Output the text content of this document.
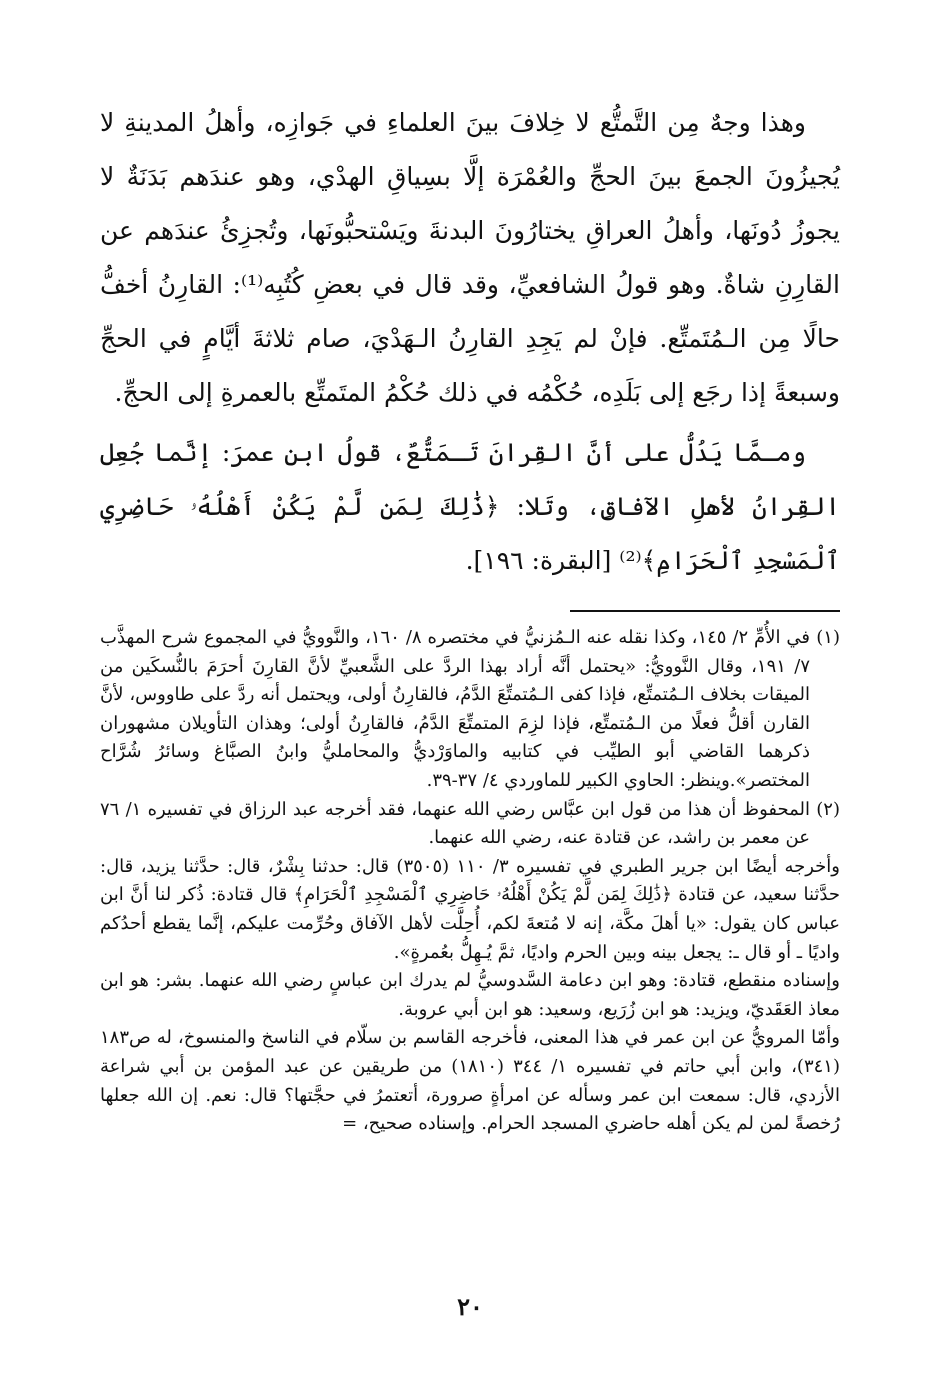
وهذا وجهٌ مِن التَّمتُّع لا خِلافَ بينَ العلماءِ في جَوازِه، وأهلُ المدينةِ لا يُجيزُونَ الجمعَ بينَ الحجِّ والعُمْرَة إلَّا بسِياقِ الهدْي، وهو عندَهم بَدَنَةٌ لا يجوزُ دُونَها، وأهلُ العراقِ يختارُونَ البدنةَ ويَسْتحبُّونَها، وتُجزِئُ عندَهم عن القارِنِ شاةٌ. وهو قولُ الشافعيِّ، وقد قال في بعضِ كُتُبِه⁽¹⁾: القارِنُ أخفُّ حالًا مِن الـمُتَمتِّع. فإنْ لم يَجِدِ القارِنُ الـهَدْيَ، صام ثلاثةَ أيَّامٍ في الحجِّ وسبعةً إذا رجَع إلى بَلَدِه، حُكْمُه في ذلك حُكْمُ المتَمتِّع بالعمرةِ إلى الحجِّ.

ومـمَّا يَدُلُّ على أنَّ القِرانَ تَـمَتُّعٌ، قولُ ابن عمرَ: إنَّما جُعِل القِرانُ لأهلِ الآفاقِ، وتَلا: ﴿ذَٰلِكَ لِمَن لَّمْ يَكُنْ أَهْلُهُۥ حَاضِرِي ٱلْمَسْجِدِ ٱلْحَرَامِ﴾⁽²⁾ [البقرة: ١٩٦].

(١)
في الأُمِّ ٢/ ١٤٥، وكذا نقله عنه الـمُزنيُّ في مختصره ٨/ ١٦٠، والنَّوويُّ في المجموع شرح المهذَّب ٧/ ١٩١، وقال النَّوويُّ: «يحتمل أنَّه أراد بهذا الردَّ على الشَّعبيِّ لأنَّ القارِنَ أحرَمَ بالنُّسكَين من الميقات بخلاف الـمُتمتِّع، فإذا كفى الـمُتمتِّعَ الدَّمُ، فالقارِنُ أولى، ويحتمل أنه ردَّ على طاووس، لأنَّ القارن أقلُّ فعلًا من الـمُتمتِّع، فإذا لزِمَ المتمتِّعَ الدَّمُ، فالقارِنُ أولى؛ وهذان التأويلان مشهوران ذكرهما القاضي أبو الطيِّب في كتابيه والماوَرْديُّ والمحامليُّ وابنُ الصبَّاغ وسائرُ شُرَّاح المختصر».وينظر: الحاوي الكبير للماوردي ٤/ ٣٧-٣٩.
(٢)
المحفوظ أن هذا من قول ابن عبَّاس رضي الله عنهما، فقد أخرجه عبد الرزاق في تفسيره ١/ ٧٦ عن معمر بن راشد، عن قتادة عنه، رضي الله عنهما.

وأخرجه أيضًا ابن جرير الطبري في تفسيره ٣/ ١١٠ (٣٥٠٥) قال: حدثنا بِشْرٌ، قال: حدَّثنا يزيد، قال: حدَّثنا سعيد، عن قتادة ﴿ذَٰلِكَ لِمَن لَّمْ يَكُنْ أَهْلُهُۥ حَاضِرِي ٱلْمَسْجِدِ ٱلْحَرَامِ﴾ قال قتادة: ذُكر لنا أنَّ ابن عباس كان يقول: «يا أهلَ مكَّة، إنه لا مُتعةَ لكم، أُحِلَّت لأهل الآفاق وحُرِّمت عليكم، إنَّما يقطع أحدُكم واديًا ـ أو قال ـ: يجعل بينه وبين الحرم واديًا، ثمَّ يُـهِلُّ بعُمرةٍ».

وإسناده منقطع، قتادة: وهو ابن دعامة السَّدوسيُّ لم يدرك ابن عباسٍ رضي الله عنهما. بشر: هو ابن معاذ العَقَديّ، ويزيد: هو ابن زُرَيع، وسعيد: هو ابن أبي عروبة.

وأمّا المرويُّ عن ابن عمر في هذا المعنى، فأخرجه القاسم بن سلّام في الناسخ والمنسوخ، له ص١٨٣ (٣٤١)، وابن أبي حاتم في تفسيره ١/ ٣٤٤ (١٨١٠) من طريقين عن عبد المؤمن بن أبي شراعة الأزدي، قال: سمعت ابن عمر وسأله عن امرأةٍ صرورة، أتعتمرُ في حجَّتها؟ قال: نعم. إن الله جعلها رُخصةً لمن لم يكن أهله حاضري المسجد الحرام. وإسناده صحيح، =

٢٠
